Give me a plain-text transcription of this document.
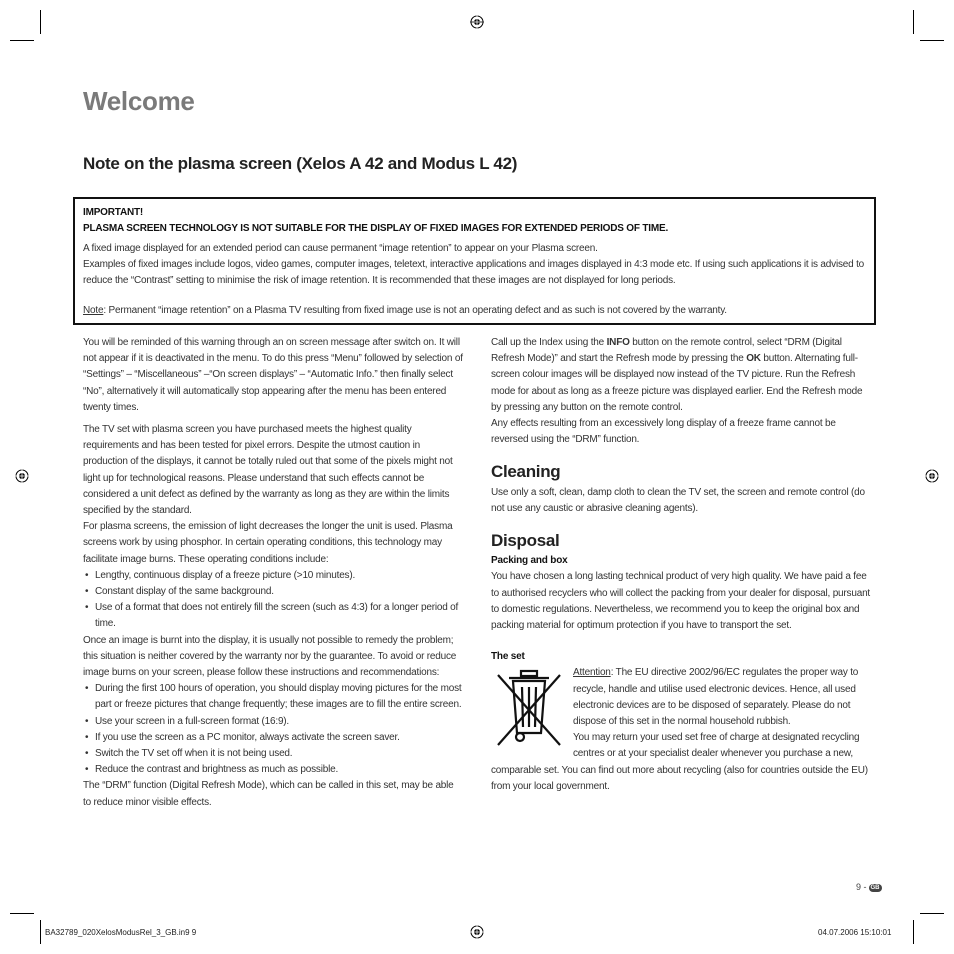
Welcome
Note on the plasma screen (Xelos A 42 and Modus L 42)

IMPORTANT!

PLASMA SCREEN TECHNOLOGY IS NOT SUITABLE FOR THE DISPLAY OF FIXED IMAGES FOR EXTENDED PERIODS OF TIME.

A fixed image displayed for an extended period can cause permanent “image retention” to appear on your Plasma screen.

Examples of fixed images include logos, video games, computer images, teletext, interactive applications and images displayed in 4:3 mode etc. If using such applications it is advised to reduce the “Contrast” setting to minimise the risk of image retention. It is recommended that these images are not displayed for long periods.

Note: Permanent “image retention” on a Plasma TV resulting from fixed image use is not an operating defect and as such is not covered by the warranty.

You will be reminded of this warning through an on screen message after switch on. It will not appear if it is deactivated in the menu. To do this press “Menu” followed by selection of “Settings” – “Miscellaneous” –“On screen displays” – “Automatic Info.” then finally select “No”, alternatively it will automatically stop appearing after the menu has been entered twenty times.

The TV set with plasma screen you have purchased meets the highest quality requirements and has been tested for pixel errors. Despite the utmost caution in production of the displays, it cannot be totally ruled out that some of the pixels might not light up for technological reasons. Please understand that such effects cannot be considered a unit defect as defined by the warranty as long as they are within the limits specified by the standard.

For plasma screens, the emission of light decreases the longer the unit is used. Plasma screens work by using phosphor. In certain operating conditions, this technology may facilitate image burns. These operating conditions include:

• Lengthy, continuous display of a freeze picture (>10 minutes).
• Constant display of the same background.
• Use of a format that does not entirely fill the screen (such as 4:3) for a longer period of time.

Once an image is burnt into the display, it is usually not possible to remedy the problem; this situation is neither covered by the warranty nor by the guarantee. To avoid or reduce image burns on your screen, please follow these instructions and recommendations:

• During the first 100 hours of operation, you should display moving pictures for the most part or freeze pictures that change frequently; these images are to fill the entire screen.
• Use your screen in a full-screen format (16:9).
• If you use the screen as a PC monitor, always activate the screen saver.
• Switch the TV set off when it is not being used.
• Reduce the contrast and brightness as much as possible.

The “DRM” function (Digital Refresh Mode), which can be called in this set, may be able to reduce minor visible effects.

Call up the Index using the INFO button on the remote control, select “DRM (Digital Refresh Mode)” and start the Refresh mode by pressing the OK button. Alternating full-screen colour images will be displayed now instead of the TV picture. Run the Refresh mode for about as long as a freeze picture was displayed earlier. End the Refresh mode by pressing any button on the remote control.

Any effects resulting from an excessively long display of a freeze frame cannot be reversed using the “DRM” function.

Cleaning

Use only a soft, clean, damp cloth to clean the TV set, the screen and remote control (do not use any caustic or abrasive cleaning agents).

Disposal

Packing and box

You have chosen a long lasting technical product of very high quality. We have paid a fee to authorised recyclers who will collect the packing from your dealer for disposal, pursuant to domestic regulations. Nevertheless, we recommend you to keep the original box and packing material for optimum protection if you have to transport the set.

The set

Attention: The EU directive 2002/96/EC regulates the proper way to recycle, handle and utilise used electronic devices. Hence, all used electronic devices are to be disposed of separately. Please do not dispose of this set in the normal household rubbish.

You may return your used set free of charge at designated recycling centres or at your specialist dealer whenever you purchase a new, comparable set. You can find out more about recycling (also for countries outside the EU) from your local government.

9 - GB
BA32789_020XelosModusRel_3_GB.in9 9	04.07.2006 15:10:01
